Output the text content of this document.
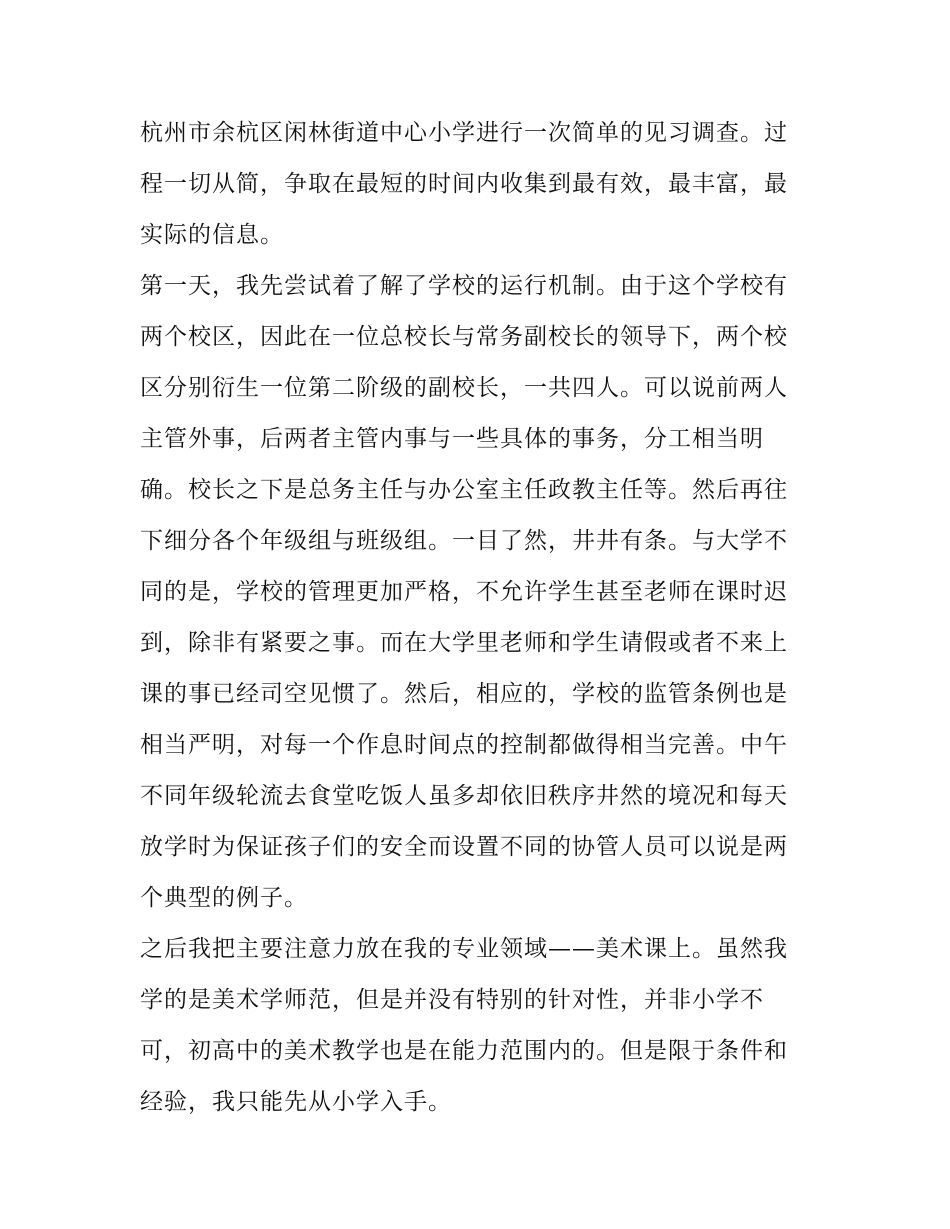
杭州市余杭区闲林街道中心小学进行一次简单的见习调查。过
程一切从简，争取在最短的时间内收集到最有效，最丰富，最
实际的信息。
第一天，我先尝试着了解了学校的运行机制。由于这个学校有
两个校区，因此在一位总校长与常务副校长的领导下，两个校
区分别衍生一位第二阶级的副校长，一共四人。可以说前两人
主管外事，后两者主管内事与一些具体的事务，分工相当明
确。校长之下是总务主任与办公室主任政教主任等。然后再往
下细分各个年级组与班级组。一目了然，井井有条。与大学不
同的是，学校的管理更加严格，不允许学生甚至老师在课时迟
到，除非有紧要之事。而在大学里老师和学生请假或者不来上
课的事已经司空见惯了。然后，相应的，学校的监管条例也是
相当严明，对每一个作息时间点的控制都做得相当完善。中午
不同年级轮流去食堂吃饭人虽多却依旧秩序井然的境况和每天
放学时为保证孩子们的安全而设置不同的协管人员可以说是两
个典型的例子。
之后我把主要注意力放在我的专业领域——美术课上。虽然我
学的是美术学师范，但是并没有特别的针对性，并非小学不
可，初高中的美术教学也是在能力范围内的。但是限于条件和
经验，我只能先从小学入手。
